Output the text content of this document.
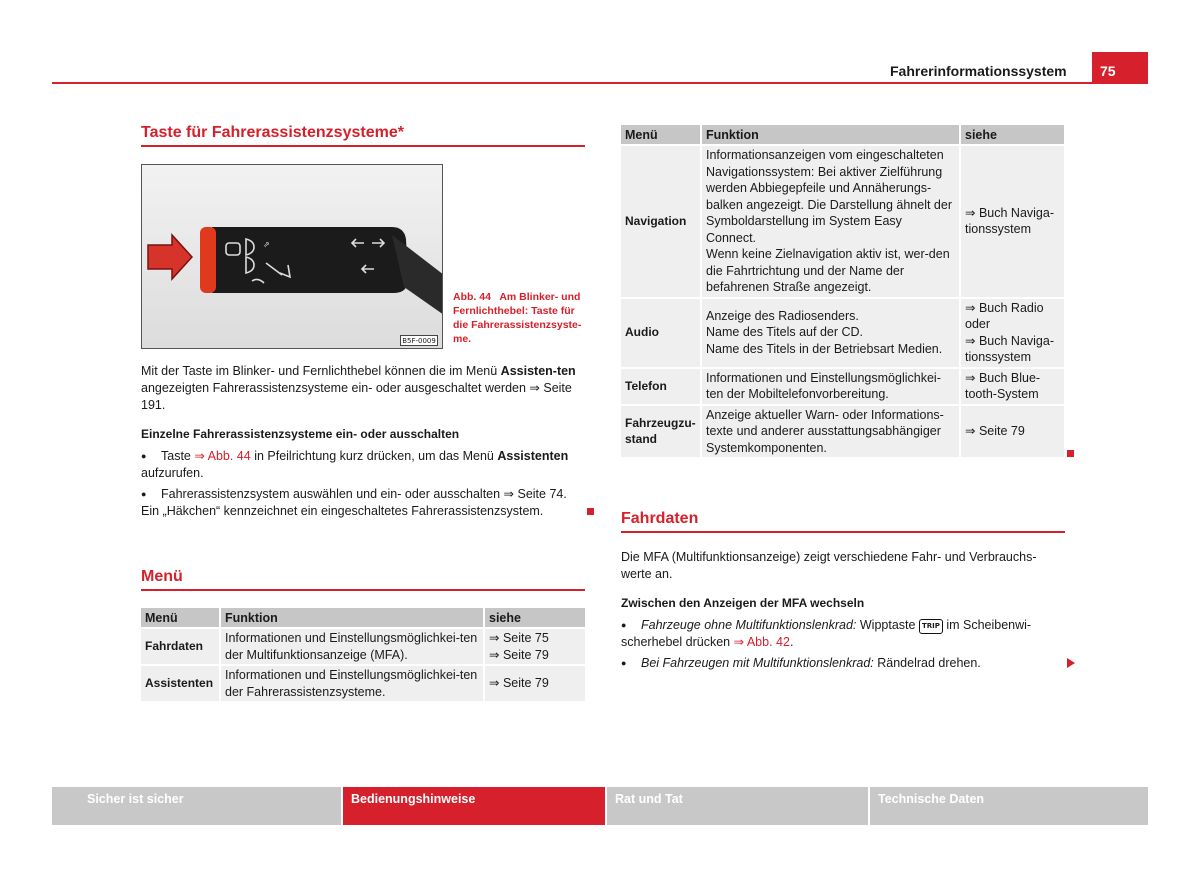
Fahrerinformationssystem	75
Taste für Fahrerassistenzsysteme*
⇗
B5F-0009
Abb. 44 Am Blinker- und Fernlichthebel: Taste für die Fahrerassistenzsyste-me.

Mit der Taste im Blinker- und Fernlichthebel können die im Menü Assisten-ten angezeigten Fahrerassistenzsysteme ein- oder ausgeschaltet werden ⇒ Seite 191.

Einzelne Fahrerassistenzsysteme ein- oder ausschalten

● Taste ⇒ Abb. 44 in Pfeilrichtung kurz drücken, um das Menü Assistenten aufzurufen.

● Fahrerassistenzsystem auswählen und ein- oder ausschalten ⇒ Seite 74. Ein „Häkchen“ kennzeichnet ein eingeschaltetes Fahrerassistenzsystem.

Menü
Menü	Funktion	siehe
Fahrdaten	Informationen und Einstellungsmöglichkei-ten der Multifunktionsanzeige (MFA).	⇒ Seite 75
⇒ Seite 79
Assistenten	Informationen und Einstellungsmöglichkei-ten der Fahrerassistenzsysteme.	⇒ Seite 79
Menü	Funktion	siehe
Navigation	Informationsanzeigen vom eingeschalteten Navigationssystem: Bei aktiver Zielführung werden Abbiegepfeile und Annäherungs-balken angezeigt. Die Darstellung ähnelt der Symboldarstellung im System Easy Connect.
Wenn keine Zielnavigation aktiv ist, wer-den die Fahrtrichtung und der Name der befahrenen Straße angezeigt.	⇒ Buch Naviga-tionssystem
Audio	Anzeige des Radiosenders.
Name des Titels auf der CD.
Name des Titels in der Betriebsart Medien.	⇒ Buch Radio oder
⇒ Buch Naviga-tionssystem
Telefon	Informationen und Einstellungsmöglichkei-ten der Mobiltelefonvorbereitung.	⇒ Buch Blue-tooth-System
Fahrzeugzu-stand	Anzeige aktueller Warn- oder Informations-texte und anderer ausstattungsabhängiger Systemkomponenten.	⇒ Seite 79
Fahrdaten

Die MFA (Multifunktionsanzeige) zeigt verschiedene Fahr- und Verbrauchs-werte an.

Zwischen den Anzeigen der MFA wechseln

● Fahrzeuge ohne Multifunktionslenkrad: Wipptaste TRIP im Scheibenwi-scherhebel drücken ⇒ Abb. 42.

● Bei Fahrzeugen mit Multifunktionslenkrad: Rändelrad drehen.

Sicher ist sicher	Bedienungshinweise	Rat und Tat	Technische Daten
